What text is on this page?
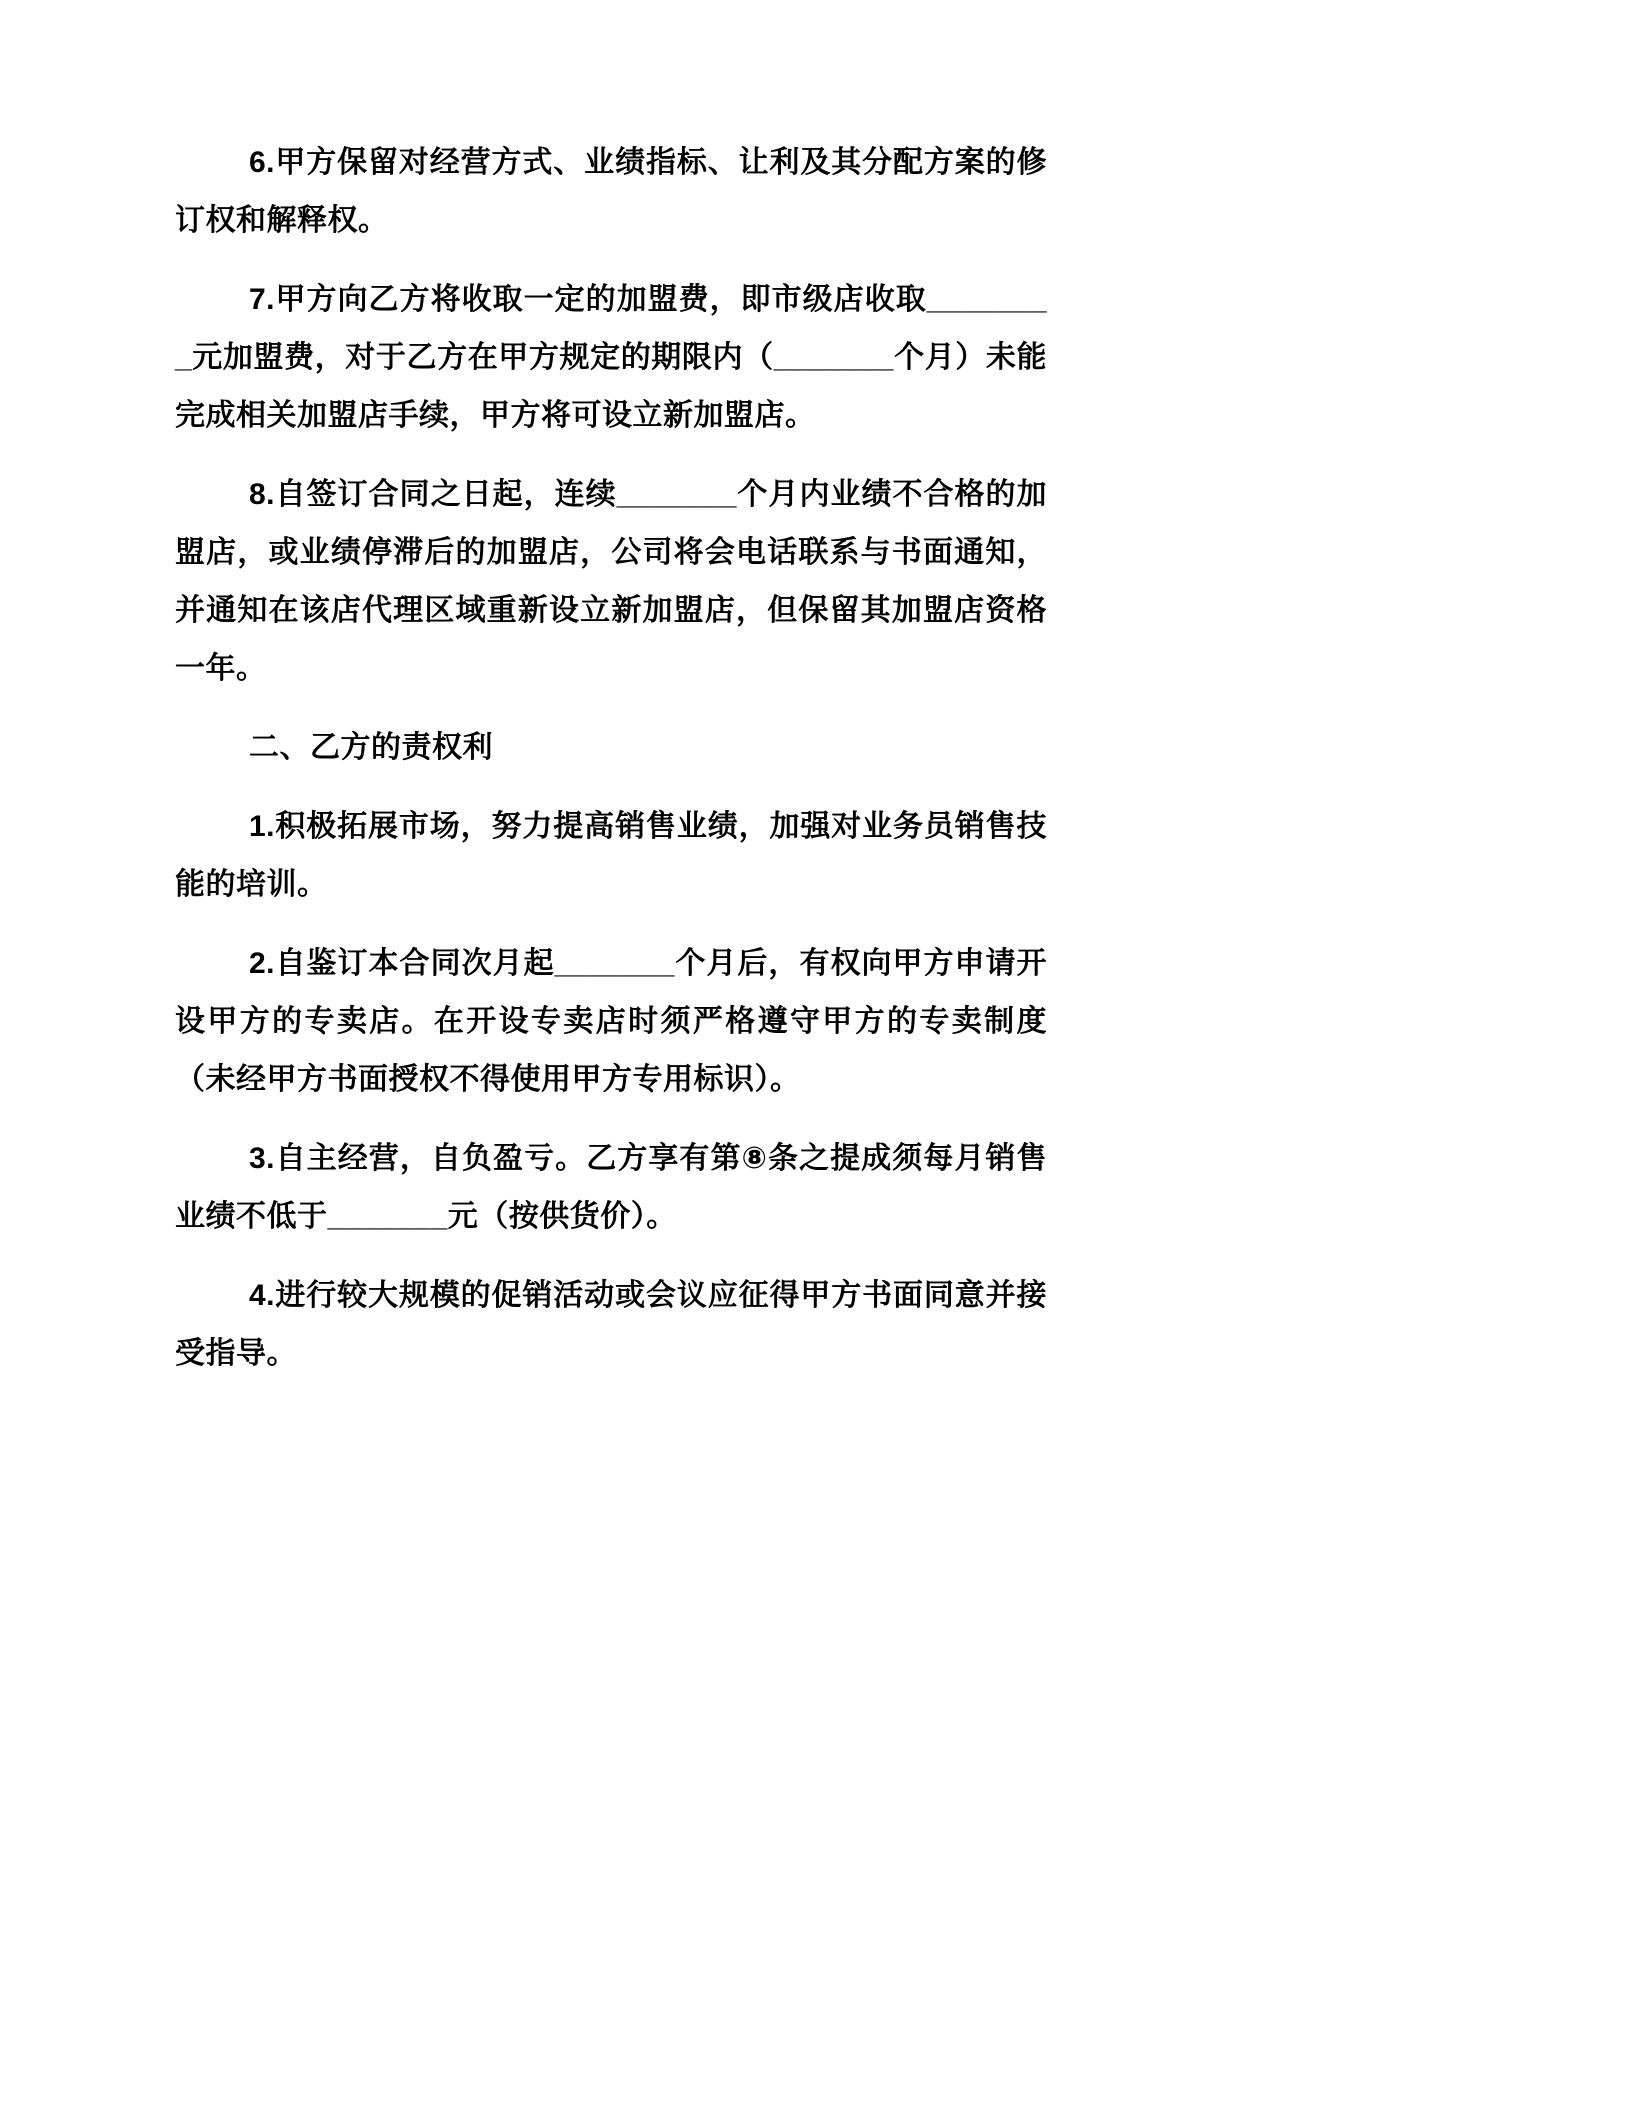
6.甲方保留对经营方式、业绩指标、让利及其分配方案的修订权和解释权。

7.甲方向乙方将收取一定的加盟费，即市级店收取________元加盟费，对于乙方在甲方规定的期限内（_______个月）未能完成相关加盟店手续，甲方将可设立新加盟店。

8.自签订合同之日起，连续_______个月内业绩不合格的加盟店，或业绩停滞后的加盟店，公司将会电话联系与书面通知，并通知在该店代理区域重新设立新加盟店，但保留其加盟店资格一年。

二、乙方的责权利

1.积极拓展市场，努力提高销售业绩，加强对业务员销售技能的培训。

2.自鉴订本合同次月起_______个月后，有权向甲方申请开设甲方的专卖店。在开设专卖店时须严格遵守甲方的专卖制度（未经甲方书面授权不得使用甲方专用标识）。

3.自主经营，自负盈亏。乙方享有第⑧条之提成须每月销售业绩不低于_______元（按供货价）。

4.进行较大规模的促销活动或会议应征得甲方书面同意并接受指导。
